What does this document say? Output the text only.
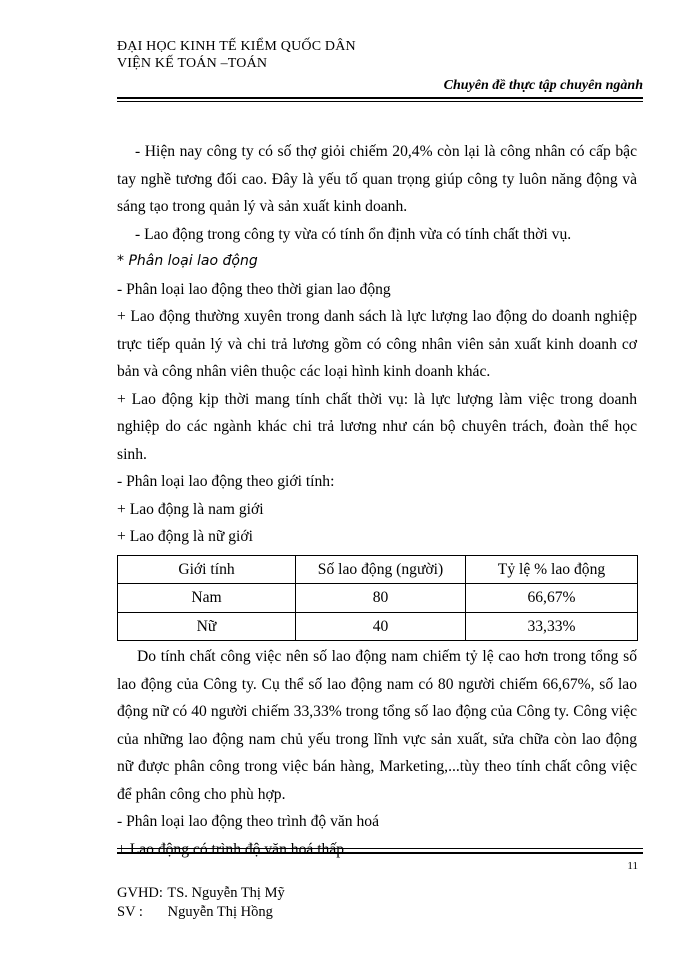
ĐẠI HỌC KINH TẾ KIỂM QUỐC DÂN
VIỆN KẾ TOÁN –TOÁN
Chuyên đề thực tập chuyên ngành

- Hiện nay công ty có số thợ giỏi chiếm 20,4% còn lại là công nhân có cấp bậc tay nghề tương đối cao. Đây là yếu tố quan trọng giúp công ty luôn năng động và sáng tạo trong quản lý và sản xuất kinh doanh.

- Lao động trong công ty vừa có tính ổn định vừa có tính chất thời vụ.

* Phân loại lao động

- Phân loại lao động theo thời gian lao động

+ Lao động thường xuyên trong danh sách là lực lượng lao động do doanh nghiệp trực tiếp quản lý và chi trả lương gồm có công nhân viên sản xuất kinh doanh cơ bản và công nhân viên thuộc các loại hình kinh doanh khác.

+ Lao động kịp thời mang tính chất thời vụ: là lực lượng làm việc trong doanh nghiệp do các ngành khác chi trả lương như cán bộ chuyên trách, đoàn thể học sinh.

- Phân loại lao động theo giới tính:

+ Lao động là nam giới

+ Lao động là nữ giới

Giới tính	Số lao động (người)	Tỷ lệ % lao động
Nam	80	66,67%
Nữ	40	33,33%

Do tính chất công việc nên số lao động nam chiếm tỷ lệ cao hơn trong tổng số lao động của Công ty. Cụ thể số lao động nam có 80 người chiếm 66,67%, số lao động nữ có 40 người chiếm 33,33% trong tổng số lao động của Công ty. Công việc của những lao động nam chủ yếu trong lĩnh vực sản xuất, sửa chữa còn lao động nữ được phân công trong việc bán hàng, Marketing,...tùy theo tính chất công việc để phân công cho phù hợp.

- Phân loại lao động theo trình độ văn hoá

+ Lao động có trình độ văn hoá thấp

11
GVHD: TS. Nguyễn Thị Mỹ
SV : Nguyễn Thị Hồng
